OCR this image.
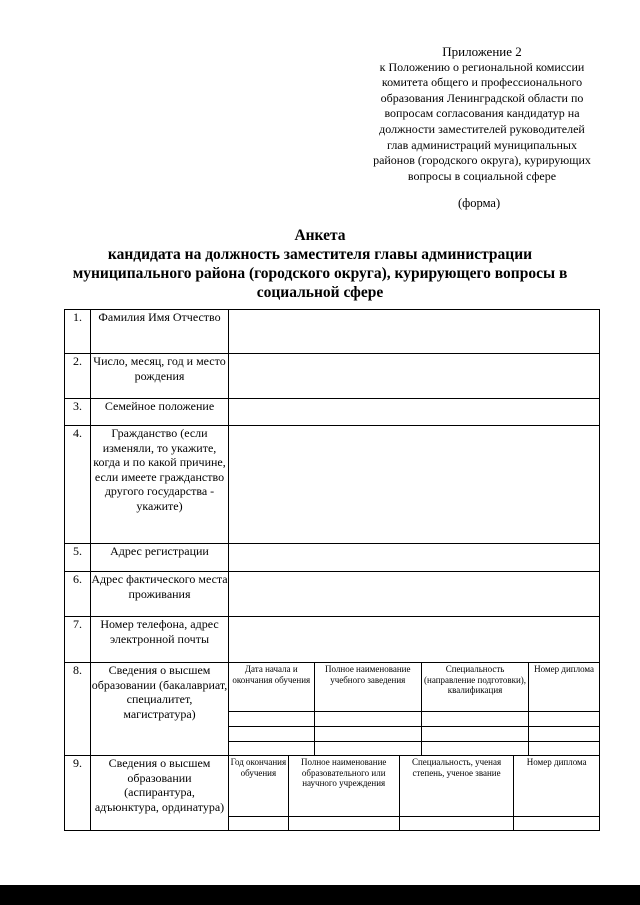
Приложение 2
к Положению о региональной комиссии
комитета общего и профессионального
образования Ленинградской области по
вопросам согласования кандидатур на
должности заместителей руководителей
глав администраций муниципальных
районов (городского округа), курирующих
вопросы в социальной сфере
(форма)
Анкета
кандидата на должность заместителя главы администрации
муниципального района (городского округа), курирующего вопросы в
социальной сфере
1.	Фамилия Имя Отчество	
2.	Число, месяц, год и место рождения	
3.	Семейное положение	
4.	Гражданство (если изменяли, то укажите, когда и по какой причине, если имеете гражданство другого государства - укажите)	
5.	Адрес регистрации	
6.	Адрес фактического места проживания	
7.	Номер телефона, адрес электронной почты	
8.	Сведения о высшем образовании (бакалавриат, специалитет, магистратура)	
Дата начала и окончания обучения	Полное наименование учебного заведения	Специальность (направление подготовки), квалификация	Номер диплома

9.	Сведения о высшем образовании (аспирантура, адъюнктура, ординатура)	
Год окончания обучения	Полное наименование образовательного или научного учреждения	Специальность, ученая степень, ученое звание	Номер диплома
